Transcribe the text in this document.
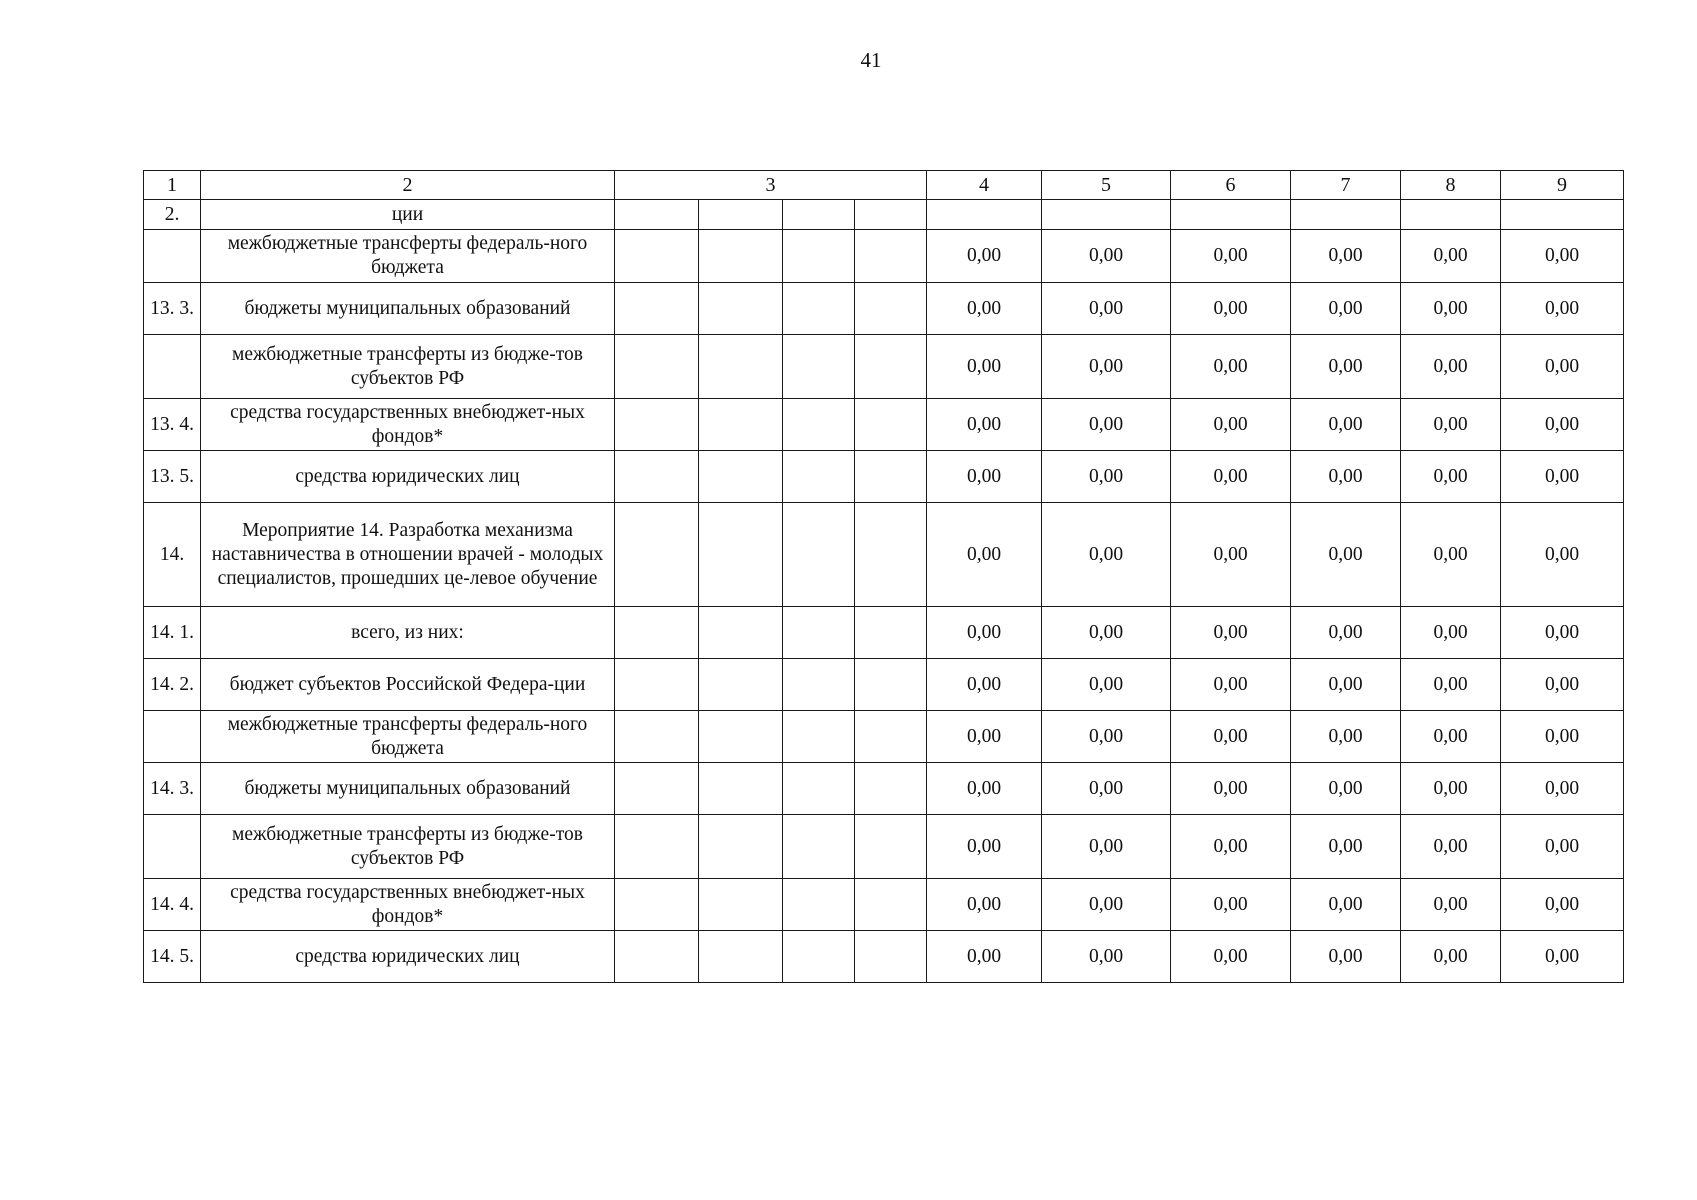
41
1	2	3				4	5	6	7	8	9
2.	ции										
	межбюджетные трансферты федераль-ного бюджета					0,00	0,00	0,00	0,00	0,00	0,00
13. 3.	бюджеты муниципальных образований					0,00	0,00	0,00	0,00	0,00	0,00
	межбюджетные трансферты из бюдже-тов субъектов РФ					0,00	0,00	0,00	0,00	0,00	0,00
13. 4.	средства государственных внебюджет-ных фондов*					0,00	0,00	0,00	0,00	0,00	0,00
13. 5.	средства юридических лиц					0,00	0,00	0,00	0,00	0,00	0,00
14.	Мероприятие 14. Разработка механизма наставничества в отношении врачей - молодых специалистов, прошедших це-левое обучение					0,00	0,00	0,00	0,00	0,00	0,00
14. 1.	всего, из них:					0,00	0,00	0,00	0,00	0,00	0,00
14. 2.	бюджет субъектов Российской Федера-ции					0,00	0,00	0,00	0,00	0,00	0,00
	межбюджетные трансферты федераль-ного бюджета					0,00	0,00	0,00	0,00	0,00	0,00
14. 3.	бюджеты муниципальных образований					0,00	0,00	0,00	0,00	0,00	0,00
	межбюджетные трансферты из бюдже-тов субъектов РФ					0,00	0,00	0,00	0,00	0,00	0,00
14. 4.	средства государственных внебюджет-ных фондов*					0,00	0,00	0,00	0,00	0,00	0,00
14. 5.	средства юридических лиц					0,00	0,00	0,00	0,00	0,00	0,00
